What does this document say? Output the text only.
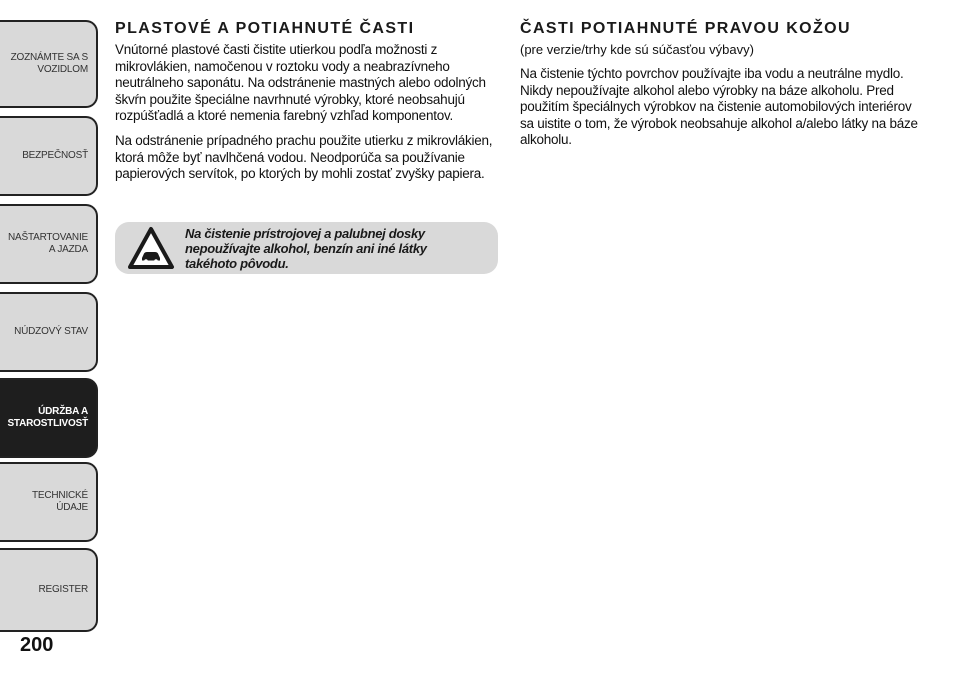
ZOZNÁMTE SA S VOZIDLOM
BEZPEČNOSŤ
NAŠTARTOVANIE A JAZDA
NÚDZOVÝ STAV
ÚDRŽBA A STAROSTLIVOSŤ
TECHNICKÉ ÚDAJE
REGISTER
200
PLASTOVÉ A POTIAHNUTÉ ČASTI

Vnútorné plastové časti čistite utierkou podľa možnosti z mikrovlákien, namočenou v roztoku vody a neabrazívneho neutrálneho saponátu. Na odstránenie mastných alebo odolných škvŕn použite špeciálne navrhnuté výrobky, ktoré neobsahujú rozpúšťadlá a ktoré nemenia farebný vzhľad komponentov.

Na odstránenie prípadného prachu použite utierku z mikrovlákien, ktorá môže byť navlhčená vodou. Neodporúča sa používanie papierových servítok, po ktorých by mohli zostať zvyšky papiera.

Na čistenie prístrojovej a palubnej dosky nepoužívajte alkohol, benzín ani iné látky takéhoto pôvodu.
ČASTI POTIAHNUTÉ PRAVOU KOŽOU
(pre verzie/trhy kde sú súčasťou výbavy)

Na čistenie týchto povrchov používajte iba vodu a neutrálne mydlo. Nikdy nepoužívajte alkohol alebo výrobky na báze alkoholu. Pred použitím špeciálnych výrobkov na čistenie automobilových interiérov sa uistite o tom, že výrobok neobsahuje alkohol a/alebo látky na báze alkoholu.
